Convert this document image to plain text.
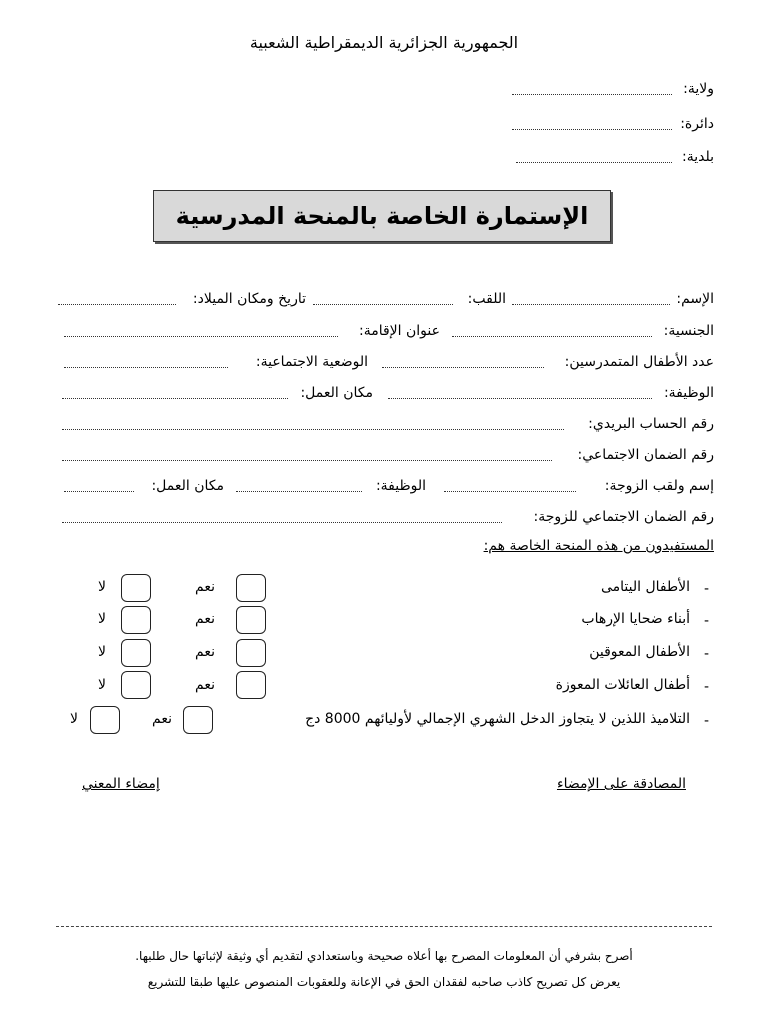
الجمهورية الجزائرية الديمقراطية الشعبية
ولاية:
دائرة:
بلدية:
الإستمارة الخاصة بالمنحة المدرسية
الإسم:
اللقب:
تاريخ ومكان الميلاد:
الجنسية:
عنوان الإقامة:
عدد الأطفال المتمدرسين:
الوضعية الاجتماعية:
الوظيفة:
مكان العمل:
رقم الحساب البريدي:
رقم الضمان الاجتماعي:
إسم ولقب الزوجة:
الوظيفة:
مكان العمل:
رقم الضمان الاجتماعي للزوجة:
المستفيدون من هذه المنحة الخاصة هم:
-
الأطفال اليتامى
نعم
لا
-
أبناء ضحايا الإرهاب
نعم
لا
-
الأطفال المعوقين
نعم
لا
-
أطفال العائلات المعوزة
نعم
لا
-
التلاميذ اللذين لا يتجاوز الدخل الشهري الإجمالي لأوليائهم 8000 دج
نعم
لا
المصادقة على الإمضاء
إمضاء المعني
أصرح بشرفي أن المعلومات المصرح بها أعلاه صحيحة وباستعدادي لتقديم أي وثيقة لإثباتها حال طلبها.
يعرض كل تصريح كاذب صاحبه لفقدان الحق في الإعانة وللعقوبات المنصوص عليها طبقا للتشريع
